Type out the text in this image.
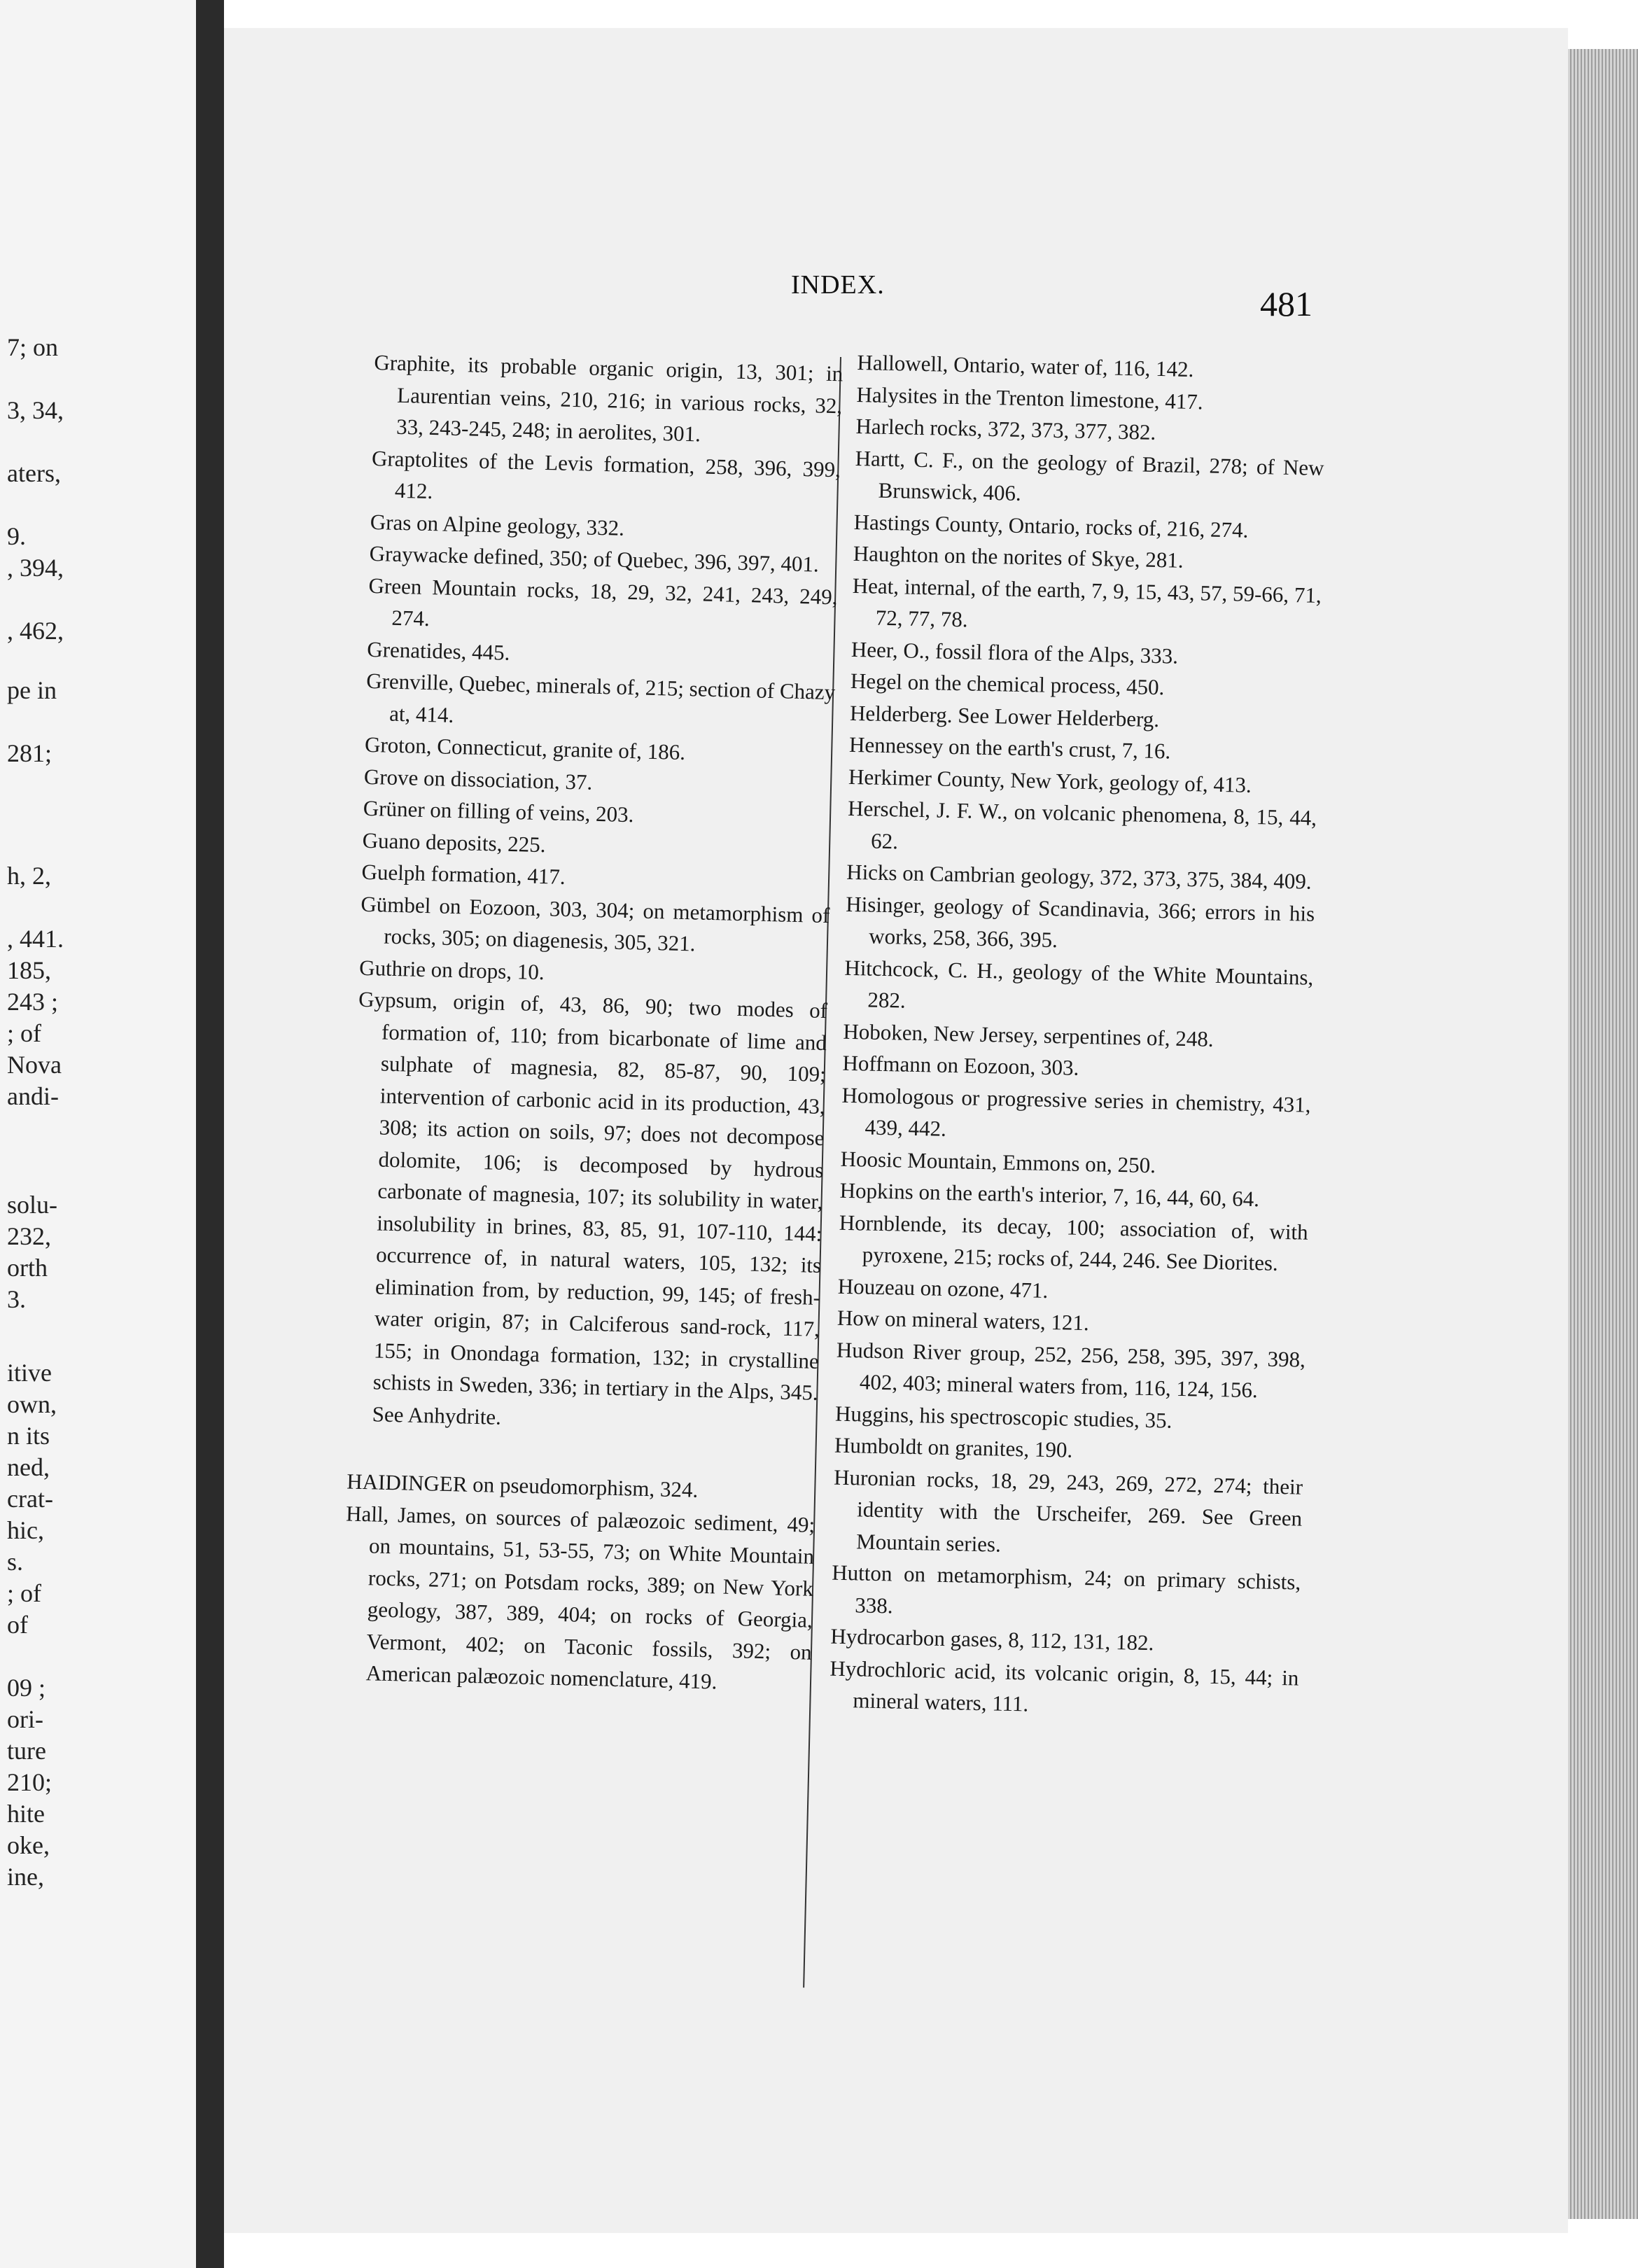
7; on
3, 34,
aters,
9.
, 394,
, 462,
pe in
281;
h, 2,
, 441.
185,
243 ;
; of
Nova
andi-
solu-
232,
orth
3.
itive
own,
n its
ned,
crat-
hic,
s.
; of
of
09 ;
ori-
ture
210;
hite
oke,
ine,
INDEX.	481
Graphite, its probable organic origin, 13, 301; in Laurentian veins, 210, 216; in various rocks, 32, 33, 243-245, 248; in aerolites, 301.
Graptolites of the Levis formation, 258, 396, 399, 412.
Gras on Alpine geology, 332.
Graywacke defined, 350; of Quebec, 396, 397, 401.
Green Mountain rocks, 18, 29, 32, 241, 243, 249, 274.
Grenatides, 445.
Grenville, Quebec, minerals of, 215; section of Chazy at, 414.
Groton, Connecticut, granite of, 186.
Grove on dissociation, 37.
Grüner on filling of veins, 203.
Guano deposits, 225.
Guelph formation, 417.
Gümbel on Eozoon, 303, 304; on metamorphism of rocks, 305; on diagenesis, 305, 321.
Guthrie on drops, 10.
Gypsum, origin of, 43, 86, 90; two modes of formation of, 110; from bicarbonate of lime and sulphate of magnesia, 82, 85-87, 90, 109; intervention of carbonic acid in its production, 43, 308; its action on soils, 97; does not decompose dolomite, 106; is decomposed by hydrous carbonate of magnesia, 107; its solubility in water, insolubility in brines, 83, 85, 91, 107-110, 144: occurrence of, in natural waters, 105, 132; its elimination from, by reduction, 99, 145; of fresh-water origin, 87; in Calciferous sand-rock, 117, 155; in Onondaga formation, 132; in crystalline schists in Sweden, 336; in tertiary in the Alps, 345. See Anhydrite.
HAIDINGER on pseudomorphism, 324.
Hall, James, on sources of palæozoic sediment, 49; on mountains, 51, 53-55, 73; on White Mountain rocks, 271; on Potsdam rocks, 389; on New York geology, 387, 389, 404; on rocks of Georgia, Vermont, 402; on Taconic fossils, 392; on American palæozoic nomenclature, 419.
Hallowell, Ontario, water of, 116, 142.
Halysites in the Trenton limestone, 417.
Harlech rocks, 372, 373, 377, 382.
Hartt, C. F., on the geology of Brazil, 278; of New Brunswick, 406.
Hastings County, Ontario, rocks of, 216, 274.
Haughton on the norites of Skye, 281.
Heat, internal, of the earth, 7, 9, 15, 43, 57, 59-66, 71, 72, 77, 78.
Heer, O., fossil flora of the Alps, 333.
Hegel on the chemical process, 450.
Helderberg. See Lower Helderberg.
Hennessey on the earth's crust, 7, 16.
Herkimer County, New York, geology of, 413.
Herschel, J. F. W., on volcanic phenomena, 8, 15, 44, 62.
Hicks on Cambrian geology, 372, 373, 375, 384, 409.
Hisinger, geology of Scandinavia, 366; errors in his works, 258, 366, 395.
Hitchcock, C. H., geology of the White Mountains, 282.
Hoboken, New Jersey, serpentines of, 248.
Hoffmann on Eozoon, 303.
Homologous or progressive series in chemistry, 431, 439, 442.
Hoosic Mountain, Emmons on, 250.
Hopkins on the earth's interior, 7, 16, 44, 60, 64.
Hornblende, its decay, 100; association of, with pyroxene, 215; rocks of, 244, 246. See Diorites.
Houzeau on ozone, 471.
How on mineral waters, 121.
Hudson River group, 252, 256, 258, 395, 397, 398, 402, 403; mineral waters from, 116, 124, 156.
Huggins, his spectroscopic studies, 35.
Humboldt on granites, 190.
Huronian rocks, 18, 29, 243, 269, 272, 274; their identity with the Urscheifer, 269. See Green Mountain series.
Hutton on metamorphism, 24; on primary schists, 338.
Hydrocarbon gases, 8, 112, 131, 182.
Hydrochloric acid, its volcanic origin, 8, 15, 44; in mineral waters, 111.
